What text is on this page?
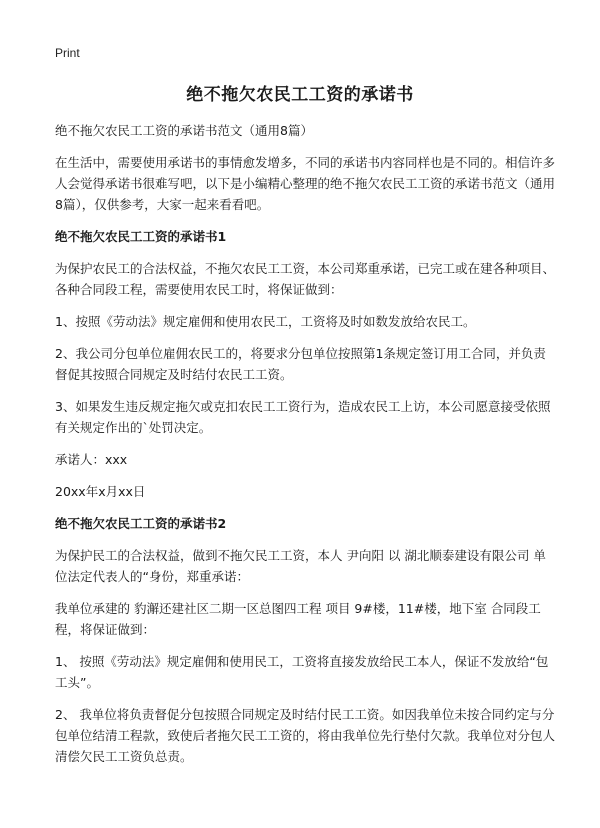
Print
绝不拖欠农民工工资的承诺书

绝不拖欠农民工工资的承诺书范文（通用8篇）

在生活中，需要使用承诺书的事情愈发增多，不同的承诺书内容同样也是不同的。相信许多人会觉得承诺书很难写吧，以下是小编精心整理的绝不拖欠农民工工资的承诺书范文（通用8篇），仅供参考，大家一起来看看吧。

绝不拖欠农民工工资的承诺书1

为保护农民工的合法权益，不拖欠农民工工资，本公司郑重承诺，已完工或在建各种项目、各种合同段工程，需要使用农民工时，将保证做到：

1、按照《劳动法》规定雇佣和使用农民工，工资将及时如数发放给农民工。

2、我公司分包单位雇佣农民工的，将要求分包单位按照第1条规定签订用工合同，并负责督促其按照合同规定及时结付农民工工资。

3、如果发生违反规定拖欠或克扣农民工工资行为，造成农民工上访，本公司愿意接受依照有关规定作出的`处罚决定。

承诺人：xxx

20xx年x月xx日

绝不拖欠农民工工资的承诺书2

为保护民工的合法权益，做到不拖欠民工工资，本人 尹向阳 以 湖北顺泰建设有限公司 单位法定代表人的“身份，郑重承诺：

我单位承建的 豹澥还建社区二期一区总图四工程 项目 9#楼，11#楼，地下室 合同段工程，将保证做到：

1、 按照《劳动法》规定雇佣和使用民工，工资将直接发放给民工本人，保证不发放给“包工头”。

2、 我单位将负责督促分包按照合同规定及时结付民工工资。如因我单位未按合同约定与分包单位结清工程款，致使后者拖欠民工工资的，将由我单位先行垫付欠款。我单位对分包人清偿欠民工工资负总责。
